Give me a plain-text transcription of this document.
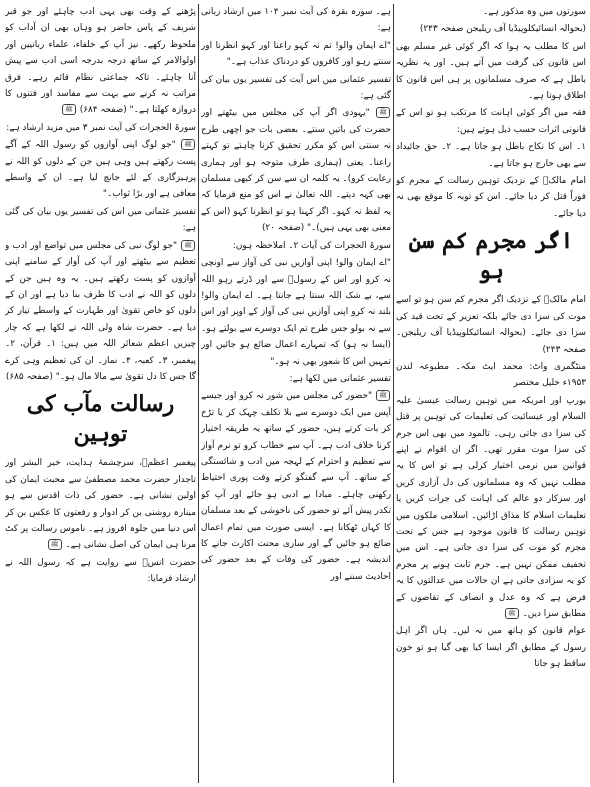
سورتوں میں وہ مذکور ہے۔

(بحوالہ انسائیکلوپیڈیا آف ریلیجن صفحہ ۲۴۳)

اس کا مطلب یہ ہوا کہ اگر کوئی غیر مسلم بھی اس قانون کی گرفت میں آتے ہیں۔ اور یہ نظریہ باطل ہے کہ صرف مسلمانوں پر ہی اس قانون کا اطلاق ہوتا ہے۔

فقہ میں اگر کوئی اہانت کا مرتکب ہو تو اس کے قانونی اثرات حسب ذیل ہوتے ہیں:

۱۔ اس کا نکاح باطل ہو جاتا ہے۔ ۲۔ حق جائیداد سے بھی خارج ہو جاتا ہے۔

امام مالکؒ کے نزدیک توہین رسالت کے مجرم کو فوراً قتل کر دیا جائے۔ اس کو توبہ کا موقع بھی نہ دیا جائے۔

اگر مجرم کم سن ہو

امام مالکؒ کے نزدیک اگر مجرم کم سن ہو تو اسے موت کی سزا دی جائے بلکہ تعزیر کے تحت قید کی سزا دی جائے۔ (بحوالہ انسائیکلوپیڈیا آف ریلیجن۔ صفحہ ۲۴۳)

منٹگمری واٹ: محمد ایٹ مکہ۔ مطبوعہ لندن ۱۹۵۳ء خلیل مختصر

یورپ اور امریکہ میں توہین رسالت عیسیٰ علیہ السلام اور عیسائیت کی تعلیمات کی توہین پر قتل کی سزا دی جاتی رہی۔ تالمود میں بھی اس جرم کی سزا موت مقرر تھی۔ اگر ان اقوام نے اپنے قوانین میں نرمی اختیار کرلی ہے تو اس کا یہ مطلب نہیں کہ وہ مسلمانوں کی دل آزاری کریں اور سرکار دو عالم کی اہانت کی جرات کریں یا تعلیمات اسلام کا مذاق اڑائیں۔ اسلامی ملکوں میں توہین رسالت کا قانون موجود ہے جس کے تحت مجرم کو موت کی سزا دی جاتی ہے۔ اس میں تخفیف ممکن نہیں ہے۔ جرم ثابت ہونے پر مجرم کو یہ سزادی جاتی ہے ان حالات میں عدالتوں کا یہ فرض ہے کہ وہ عدل و انصاف کے تقاضوں کے مطابق سزا دیں۔ ﷺ

عوام قانون کو ہاتھ میں نہ لیں۔ ہاں اگر اہل رسول کے مطابق اگر ایسا کیا بھی گیا ہو تو خون ساقط ہو جاتا

ہے۔ سورہ بقرہ کی آیت نمبر ۱۰۴ میں ارشاد ربانی ہے:

"اے ایمان والو! تم نہ کہو راعنا اور کہو انظرنا اور سنتے رہو اور کافروں کو دردناک عذاب ہے۔"

تفسیر عثمانی میں اس آیت کی تفسیر یوں بیان کی گئی ہے:

ﷺ "یہودی اگر آپ کی مجلس میں بیٹھتے اور حضرت کی باتیں سنتے۔ بعضی بات جو اچھی طرح نہ سنتی اس کو مکرر تحقیق کرنا چاہتے تو کہتے راعنا۔ یعنی (ہماری طرف متوجہ ہو اور ہماری رعایت کرو)۔ یہ کلمہ ان سے سن کر کبھی مسلمان بھی کہہ دیتے۔ اللہ تعالیٰ نے اس کو منع فرمایا کہ یہ لفظ نہ کہو۔ اگر کہنا ہو تو انظرنا کہو (اس کے معنی بھی یہی ہیں)۔" (صفحہ ۲۰)

سورۃ الحجرات کی آیات ۲۔ املاحظہ ہوں:

"اے ایمان والو! اپنی آوازیں نبی کی آواز سے اونچی نہ کرو اور اس کے رسولؐ سے اور ڈرتے رہو اللہ سے، بے شک اللہ سنتا ہے جانتا ہے۔ اے ایمان والو! بلند نہ کرو اپنی آوازیں نبی کی آواز کے اوپر اور اس سے نہ بولو جس طرح تم ایک دوسرے سے بولتے ہو۔ (ایسا نہ ہو) کہ تمہارے اعمال ضائع ہو جائیں اور تمہیں اس کا شعور بھی نہ ہو۔"

تفسیر عثمانی میں لکھا ہے:

ﷺ "حضور کی مجلس میں شور نہ کرو اور جیسے آپس میں ایک دوسرے سے بلا تکلف چہک کر یا تڑخ کر بات کرتے ہیں، حضور کے ساتھ یہ طریقہ اختیار کرنا خلاف ادب ہے۔ آپ سے خطاب کرو تو نرم آواز سے تعظیم و احترام کے لہجہ میں ادب و شائستگی کے ساتھ۔ آپ سے گفتگو کرتے وقت پوری احتیاط رکھنی چاہئے۔ مبادا بے ادبی ہو جائے اور آپ کو تکدر پیش آئے تو حضور کی ناخوشی کے بعد مسلمان کا کہاں ٹھکانا ہے۔ ایسی صورت میں تمام اعمال ضائع ہو جائیں گے اور ساری محنت اکارت جانے کا اندیشہ ہے۔ حضور کی وفات کے بعد حضور کی احادیث سننے اور

پڑھنے کے وقت بھی یہی ادب چاہئے اور جو قبر شریف کے پاس حاضر ہو وہاں بھی ان آداب کو ملحوظ رکھے۔ نیز آپ کے خلفاء، علماء ربانیین اور اولوالامر کے ساتھ درجہ بدرجہ اسی ادب سے پیش آنا چاہئے۔ تاکہ جماعتی نظام قائم رہے۔ فرق مراتب نہ کرنے سے بہت سے مفاسد اور فتنوں کا دروازہ کھلتا ہے۔" (صفحہ ۶۸۴) ﷺ

سورۃ الحجرات کی آیت نمبر ۳ میں مزید ارشاد ہے:

ﷺ "جو لوگ اپنی آوازوں کو رسول اللہ کے آگے پست رکھتے ہیں وہی ہیں جن کے دلوں کو اللہ نے پرہیزگاری کے لئے جانچ لیا ہے۔ ان کے واسطے معافی ہے اور بڑا ثواب۔"

تفسیر عثمانی میں اس کی تفسیر یوں بیان کی گئی ہے:

ﷺ "جو لوگ نبی کی مجلس میں تواضع اور ادب و تعظیم سے بیٹھتے اور آپ کی آواز کے سامنے اپنی آوازوں کو پست رکھتے ہیں۔ یہ وہ ہیں جن کے دلوں کو اللہ نے ادب کا ظرف بنا دیا ہے اور ان کے دلوں کو خاص تقویٰ اور طہارت کے واسطے تیار کر دیا ہے۔ حضرت شاہ ولی اللہ نے لکھا ہے کہ چار چیزیں اعظم شعائر اللہ میں ہیں: ۱۔ قرآن، ۲۔ پیغمبر، ۳۔ کعبہ، ۴۔ نماز۔ ان کی تعظیم وہی کرے گا جس کا دل تقویٰ سے مالا مال ہو۔" (صفحہ ۶۸۵)

رسالت مآب کی توہین

پیغمبر اعظمؐ، سرچشمۂ ہدایت، خیر البشر اور تاجدار حضرت محمد مصطفیٰ سے محبت ایمان کی اولین نشانی ہے۔ حضور کی ذات اقدس سے ہو مینارہ روشنی بن کر ادوار و رفعتوں کا عکس بن کر اس دنیا میں جلوہ افروز ہے۔ ناموس رسالت پر کٹ مرنا ہی ایمان کی اصل نشانی ہے۔ ﷺ

حضرت انسؓ سے روایت ہے کہ رسول اللہ نے ارشاد فرمایا:
